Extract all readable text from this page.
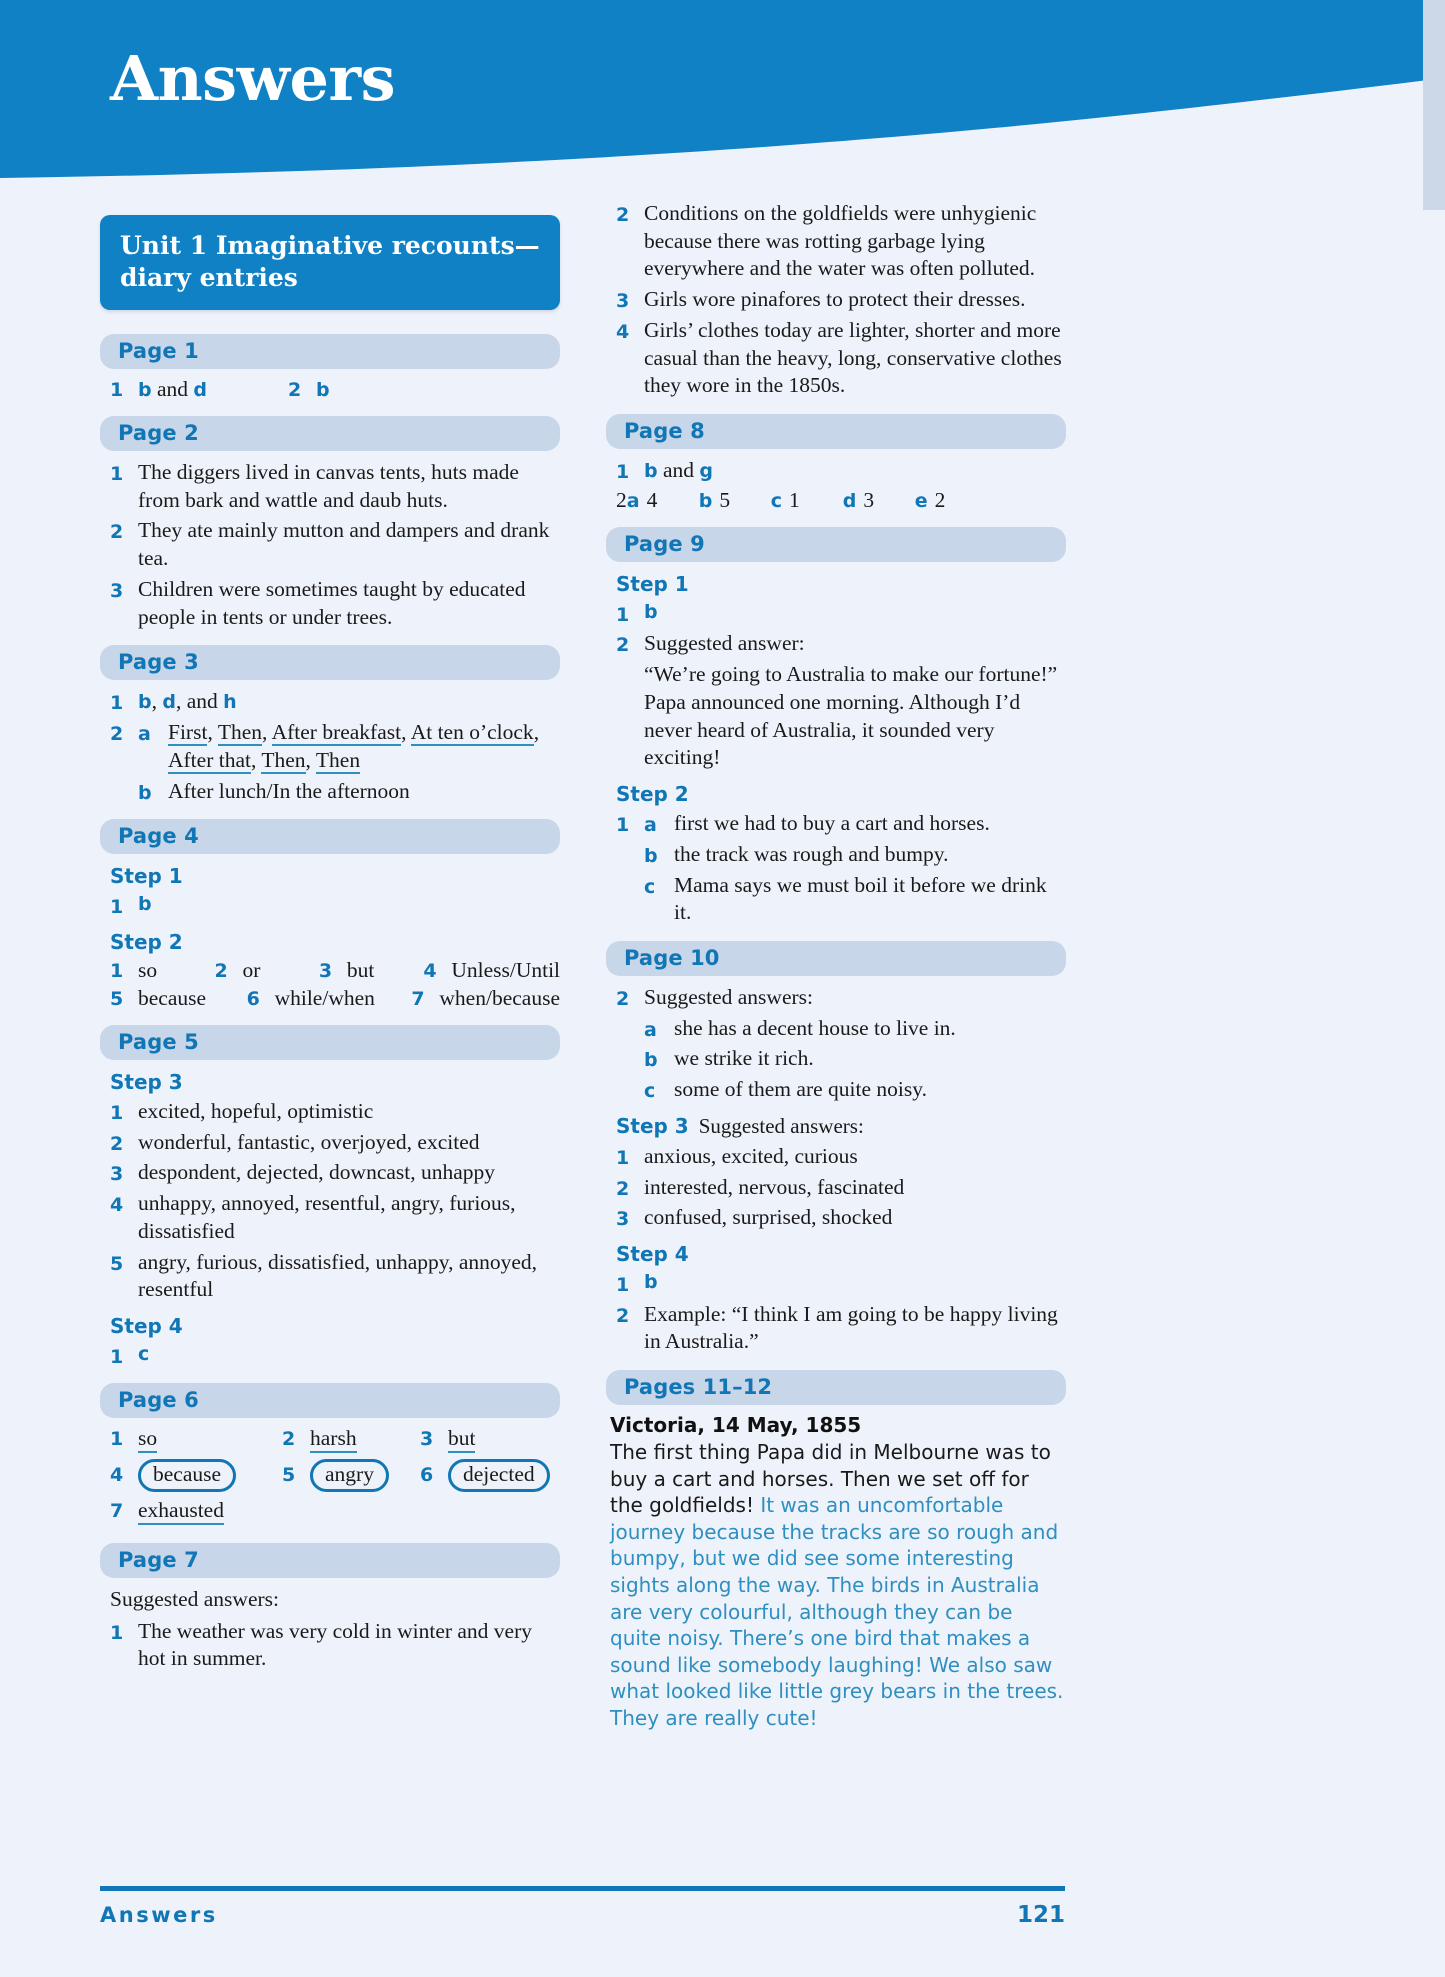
Answers
Unit 1 Imaginative recounts—
diary entries
Page 1
1 b and d	2 b
Page 2
1 The diggers lived in canvas tents, huts made from bark and wattle and daub huts.
2 They ate mainly mutton and dampers and drank tea.
3 Children were sometimes taught by educated people in tents or under trees.
Page 3
1 b, d, and h
2 a First, Then, After breakfast, At ten o’clock,
After that, Then, Then
b After lunch/In the afternoon
Page 4
Step 1
1 b
Step 2
1 so	2 or	3 but	4 Unless/Until
5 because 6 while/when 7 when/because
Page 5
Step 3
1 excited, hopeful, optimistic
2 wonderful, fantastic, overjoyed, excited
3 despondent, dejected, downcast, unhappy
4 unhappy, annoyed, resentful, angry, furious, dissatisfied
5 angry, furious, dissatisfied, unhappy, annoyed, resentful
Step 4
1 c
Page 6
1 so	2 harsh	3 but
4	because	5	angry	6	dejected
7 exhausted
Page 7
Suggested answers:
1 The weather was very cold in winter and very hot in summer.
2 Conditions on the goldfields were unhygienic because there was rotting garbage lying everywhere and the water was often polluted.
3 Girls wore pinafores to protect their dresses.
4 Girls’ clothes today are lighter, shorter and more casual than the heavy, long, conservative clothes they wore in the 1850s.
Page 8
1 b and g
2 a 4 b 5 c 1 d 3 e 2
Page 9
Step 1
1 b
2 Suggested answer:
“We’re going to Australia to make our fortune!” Papa announced one morning. Although I’d never heard of Australia, it sounded very exciting!
Step 2
1 a first we had to buy a cart and horses.
b the track was rough and bumpy.
c Mama says we must boil it before we drink it.
Page 10
2 Suggested answers:
a she has a decent house to live in.
b we strike it rich.
c some of them are quite noisy.
Step 3 Suggested answers:
1 anxious, excited, curious
2 interested, nervous, fascinated
3 confused, surprised, shocked
Step 4
1 b
2 Example: “I think I am going to be happy living in Australia.”
Pages 11–12
Victoria, 14 May, 1855
The first thing Papa did in Melbourne was to buy a cart and horses. Then we set off for the goldfields! It was an uncomfortable journey because the tracks are so rough and bumpy, but we did see some interesting sights along the way. The birds in Australia are very colourful, although they can be quite noisy. There’s one bird that makes a sound like somebody laughing! We also saw what looked like little grey bears in the trees. They are really cute!
Answers	121
